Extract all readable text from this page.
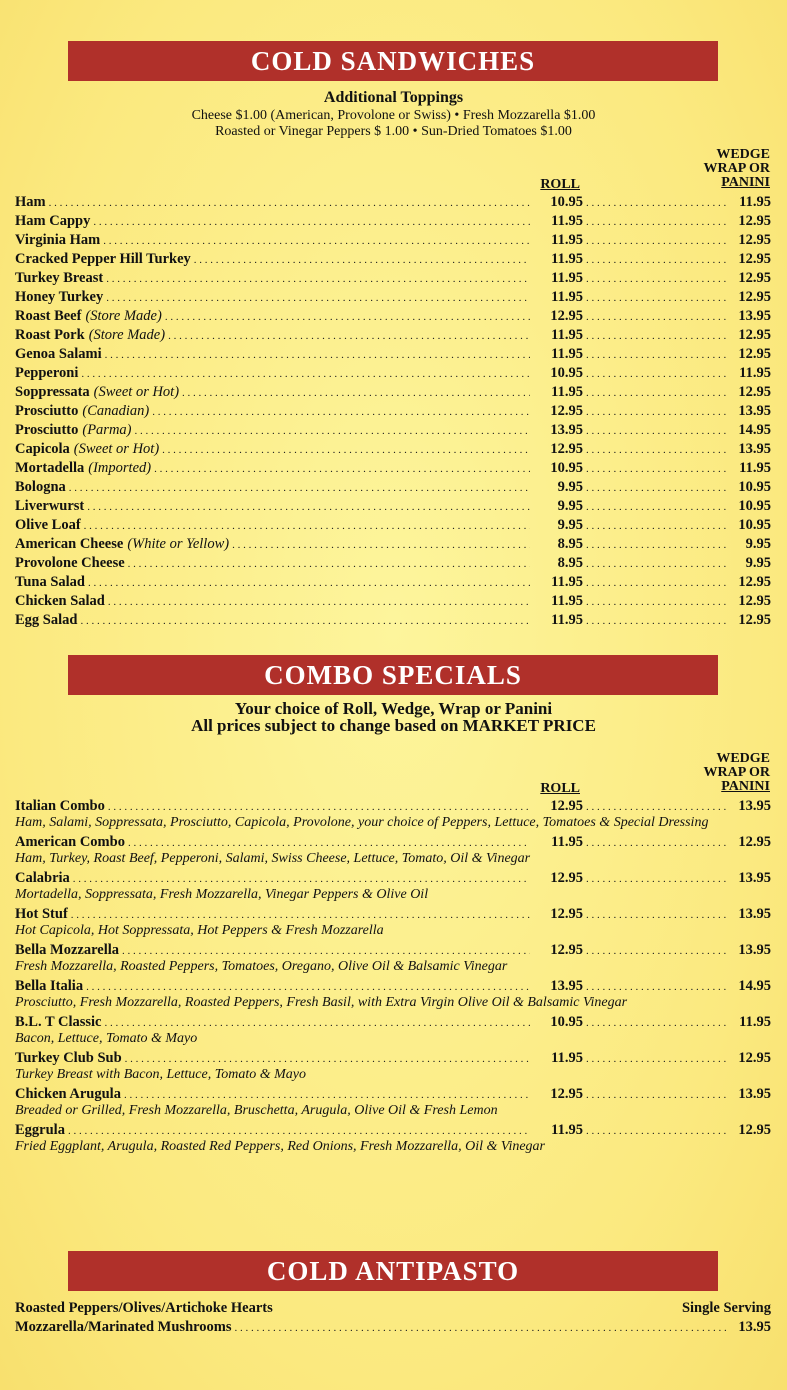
COLD SANDWICHES
Additional Toppings
Cheese $1.00 (American, Provolone or Swiss) • Fresh Mozzarella $1.00
Roasted or Vinegar Peppers $ 1.00 • Sun-Dried Tomatoes $1.00
ROLL
WEDGE
WRAP OR
PANINI
Ham . . .	10.95 . . .	11.95
Ham Cappy . . .	11.95 . . .	12.95
Virginia Ham . . .	11.95 . . .	12.95
Cracked Pepper Hill Turkey . . .	11.95 . . .	12.95
Turkey Breast . . .	11.95 . . .	12.95
Honey Turkey . . .	11.95 . . .	12.95
Roast Beef (Store Made) . . .	12.95 . . .	13.95
Roast Pork (Store Made) . . .	11.95 . . .	12.95
Genoa Salami . . .	11.95 . . .	12.95
Pepperoni . . .	10.95 . . .	11.95
Soppressata (Sweet or Hot) . . .	11.95 . . .	12.95
Prosciutto (Canadian) . . .	12.95 . . .	13.95
Prosciutto (Parma) . . .	13.95 . . .	14.95
Capicola (Sweet or Hot) . . .	12.95 . . .	13.95
Mortadella (Imported) . . .	10.95 . . .	11.95
Bologna . . .	9.95 . . .	10.95
Liverwurst . . .	9.95 . . .	10.95
Olive Loaf . . .	9.95 . . .	10.95
American Cheese (White or Yellow) . . .	8.95 . . .	9.95
Provolone Cheese . . .	8.95 . . .	9.95
Tuna Salad . . .	11.95 . . .	12.95
Chicken Salad . . .	11.95 . . .	12.95
Egg Salad . . .	11.95 . . .	12.95
COMBO SPECIALS
Your choice of Roll, Wedge, Wrap or Panini
All prices subject to change based on MARKET PRICE
ROLL
WEDGE
WRAP OR
PANINI
Italian Combo . . .	12.95 . . .	13.95
Ham, Salami, Soppressata, Prosciutto, Capicola, Provolone, your choice of Peppers, Lettuce, Tomatoes & Special Dressing
American Combo . . .	11.95 . . .	12.95
Ham, Turkey, Roast Beef, Pepperoni, Salami, Swiss Cheese, Lettuce, Tomato, Oil & Vinegar
Calabria . . .	12.95 . . .	13.95
Mortadella, Soppressata, Fresh Mozzarella, Vinegar Peppers & Olive Oil
Hot Stuf . . .	12.95 . . .	13.95
Hot Capicola, Hot Soppressata, Hot Peppers & Fresh Mozzarella
Bella Mozzarella . . .	12.95 . . .	13.95
Fresh Mozzarella, Roasted Peppers, Tomatoes, Oregano, Olive Oil & Balsamic Vinegar
Bella Italia . . .	13.95 . . .	14.95
Prosciutto, Fresh Mozzarella, Roasted Peppers, Fresh Basil, with Extra Virgin Olive Oil & Balsamic Vinegar
B.L. T Classic . . .	10.95 . . .	11.95
Bacon, Lettuce, Tomato & Mayo
Turkey Club Sub . . .	11.95 . . .	12.95
Turkey Breast with Bacon, Lettuce, Tomato & Mayo
Chicken Arugula . . .	12.95 . . .	13.95
Breaded or Grilled, Fresh Mozzarella, Bruschetta, Arugula, Olive Oil & Fresh Lemon
Eggrula . . .	11.95 . . .	12.95
Fried Eggplant, Arugula, Roasted Red Peppers, Red Onions, Fresh Mozzarella, Oil & Vinegar
COLD ANTIPASTO
Roasted Peppers/Olives/Artichoke Hearts	Single Serving
Mozzarella/Marinated Mushrooms . . .	13.95
